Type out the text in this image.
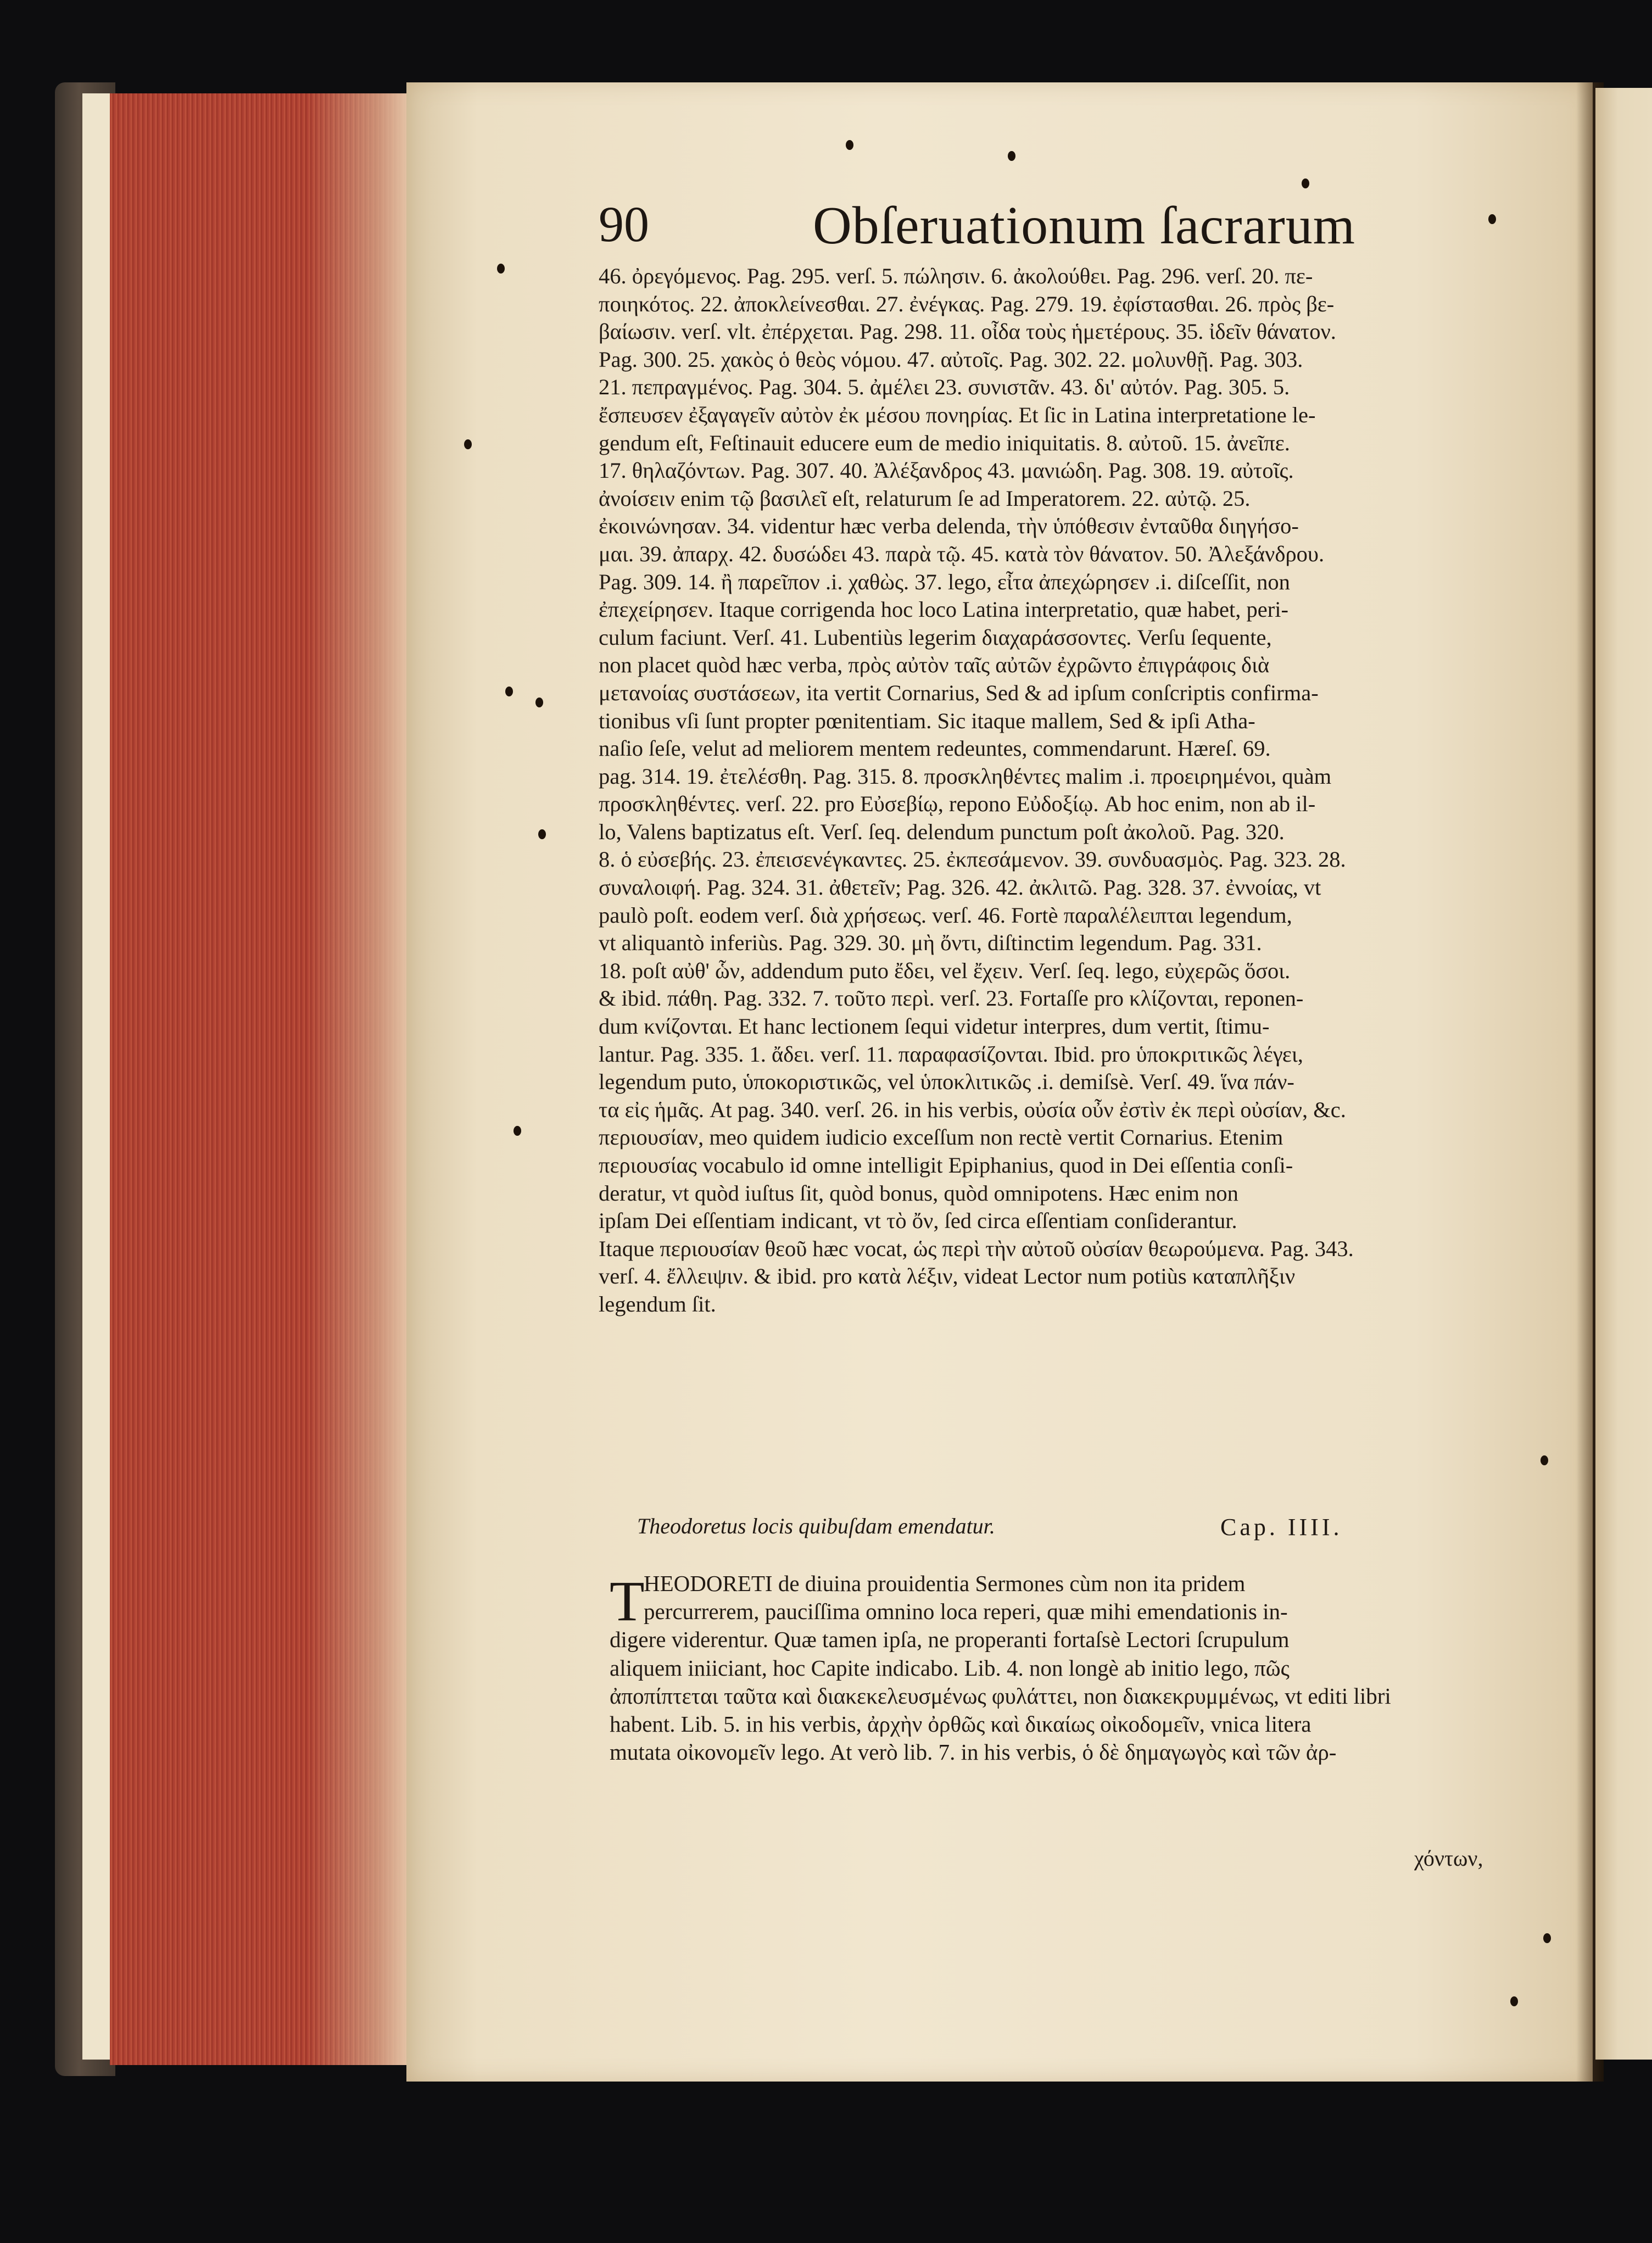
90	Obſeruationum ſacrarum
46. ὀρεγόμενος. Pag. 295. verſ. 5. πώλησιν. 6. ἀκολούθει. Pag. 296. verſ. 20. πε-
ποιηκότος. 22. ἀποκλείνεσθαι. 27. ἐνέγκας. Pag. 279. 19. ἐφίστασθαι. 26. πρὸς βε-
βαίωσιν. verſ. vlt. ἐπέρχεται. Pag. 298. 11. οἶδα τοὺς ἡμετέρους. 35. ἰδεῖν θάνατον.
Pag. 300. 25. χακὸς ὁ θεὸς νόμου. 47. αὐτοῖς. Pag. 302. 22. μολυνθῇ. Pag. 303.
21. πεπραγμένος. Pag. 304. 5. ἀμέλει 23. συνιστᾶν. 43. δι' αὐτόν. Pag. 305. 5.
ἔσπευσεν ἐξαγαγεῖν αὐτὸν ἐκ μέσου πονηρίας. Et ſic in Latina interpretatione le-
gendum eſt, Feſtinauit educere eum de medio iniquitatis. 8. αὐτοῦ. 15. ἀνεῖπε.
17. θηλαζόντων. Pag. 307. 40. Ἀλέξανδρος 43. μανιώδη. Pag. 308. 19. αὐτοῖς.
ἀνοίσειν enim τῷ βασιλεῖ eſt, relaturum ſe ad Imperatorem. 22. αὐτῷ. 25.
ἐκοινώνησαν. 34. videntur hæc verba delenda, τὴν ὑπόθεσιν ἐνταῦθα διηγήσο-
μαι. 39. ἀπαρχ. 42. δυσώδει 43. παρὰ τῷ. 45. κατὰ τὸν θάνατον. 50. Ἀλεξάνδρου.
Pag. 309. 14. ἢ παρεῖπον .i. χαθὼς. 37. lego, εἶτα ἀπεχώρησεν .i. diſceſſit, non
ἐπεχείρησεν. Itaque corrigenda hoc loco Latina interpretatio, quæ habet, peri-
culum faciunt. Verſ. 41. Lubentiùs legerim διαχαράσσοντες. Verſu ſequente,
non placet quòd hæc verba, πρὸς αὐτὸν ταῖς αὐτῶν ἐχρῶντο ἐπιγράφοις διὰ
μετανοίας συστάσεων, ita vertit Cornarius, Sed & ad ipſum conſcriptis confirma-
tionibus vſi ſunt propter pœnitentiam. Sic itaque mallem, Sed & ipſi Atha-
naſio ſeſe, velut ad meliorem mentem redeuntes, commendarunt. Hæreſ. 69.
pag. 314. 19. ἐτελέσθη. Pag. 315. 8. προσκληθέντες malim .i. προειρημένοι, quàm
προσκληθέντες. verſ. 22. pro Εὐσεβίῳ, repono Εὐδοξίῳ. Ab hoc enim, non ab il-
lo, Valens baptizatus eſt. Verſ. ſeq. delendum punctum poſt ἀκολοῦ. Pag. 320.
8. ὁ εὐσεβής. 23. ἐπεισενέγκαντες. 25. ἐκπεσάμενον. 39. συνδυασμὸς. Pag. 323. 28.
συναλοιφή. Pag. 324. 31. ἀθετεῖν; Pag. 326. 42. ἀκλιτῶ. Pag. 328. 37. ἐννοίας, vt
paulò poſt. eodem verſ. διὰ χρήσεως. verſ. 46. Fortè παραλέλειπται legendum,
vt aliquantò inferiùs. Pag. 329. 30. μὴ ὄντι, diſtinctim legendum. Pag. 331.
18. poſt αὐθ' ὧν, addendum puto ἔδει, vel ἔχειν. Verſ. ſeq. lego, εὐχερῶς ὅσοι.
& ibid. πάθη. Pag. 332. 7. τοῦτο περὶ. verſ. 23. Fortaſſe pro κλίζονται, reponen-
dum κνίζονται. Et hanc lectionem ſequi videtur interpres, dum vertit, ſtimu-
lantur. Pag. 335. 1. ἄδει. verſ. 11. παραφασίζονται. Ibid. pro ὑποκριτικῶς λέγει,
legendum puto, ὑποκοριστικῶς, vel ὑποκλιτικῶς .i. demiſsè. Verſ. 49. ἵνα πάν-
τα εἰς ἡμᾶς. At pag. 340. verſ. 26. in his verbis, οὐσία οὖν ἐστὶν ἐκ περὶ οὐσίαν, &c.
περιουσίαν, meo quidem iudicio exceſſum non rectè vertit Cornarius. Etenim
περιουσίας vocabulo id omne intelligit Epiphanius, quod in Dei eſſentia conſi-
deratur, vt quòd iuſtus ſit, quòd bonus, quòd omnipotens. Hæc enim non
ipſam Dei eſſentiam indicant, vt τὸ ὄν, ſed circa eſſentiam conſiderantur.
Itaque περιουσίαν θεοῦ hæc vocat, ὡς περὶ τὴν αὐτοῦ οὐσίαν θεωρούμενα. Pag. 343.
verſ. 4. ἔλλειψιν. & ibid. pro κατὰ λέξιν, videat Lector num potiùs καταπλῆξιν
legendum ſit.
Theodoretus locis quibuſdam emendatur.	Cap. IIII.
T
HEODORETI de diuina prouidentia Sermones cùm non ita pridem
percurrerem, pauciſſima omnino loca reperi, quæ mihi emendationis in-
digere viderentur. Quæ tamen ipſa, ne properanti fortaſsè Lectori ſcrupulum
aliquem iniiciant, hoc Capite indicabo. Lib. 4. non longè ab initio lego, πῶς
ἀποπίπτεται ταῦτα καὶ διακεκελευσμένως φυλάττει, non διακεκρυμμένως, vt editi libri
habent. Lib. 5. in his verbis, ἀρχὴν ὀρθῶς καὶ δικαίως οἰκοδομεῖν, vnica litera
mutata οἰκονομεῖν lego. At verò lib. 7. in his verbis, ὁ δὲ δημαγωγὸς καὶ τῶν ἀρ-
χόντων,
